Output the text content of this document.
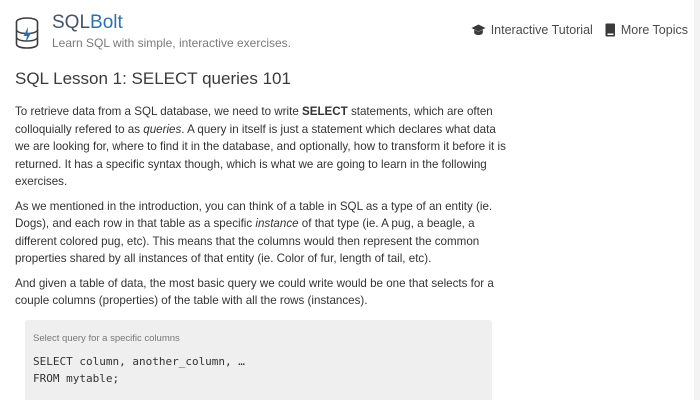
SQLBolt
Learn SQL with simple, interactive exercises.
Interactive Tutorial More Topics
SQL Lesson 1: SELECT queries 101

To retrieve data from a SQL database, we need to write SELECT statements, which are often colloquially refered to as queries. A query in itself is just a statement which declares what data we are looking for, where to find it in the database, and optionally, how to transform it before it is returned. It has a specific syntax though, which is what we are going to learn in the following exercises.

As we mentioned in the introduction, you can think of a table in SQL as a type of an entity (ie. Dogs), and each row in that table as a specific instance of that type (ie. A pug, a beagle, a different colored pug, etc). This means that the columns would then represent the common properties shared by all instances of that entity (ie. Color of fur, length of tail, etc).

And given a table of data, the most basic query we could write would be one that selects for a couple columns (properties) of the table with all the rows (instances).

Select query for a specific columns
SELECT column, another_column, …
FROM mytable;
